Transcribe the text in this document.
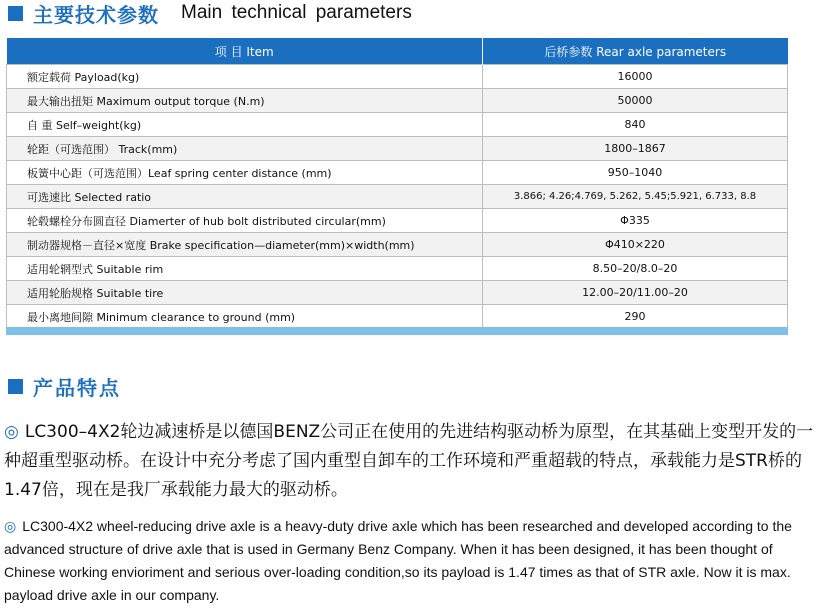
主要技术参数 Main technical parameters
项 目 Item	后桥参数 Rear axle parameters
额定载荷 Payload(kg)	16000
最大输出扭矩 Maximum output torque (N.m)	50000
自 重 Self–weight(kg)	840
轮距（可选范围） Track(mm)	1800–1867
板簧中心距（可选范围）Leaf spring center distance (mm)	950–1040
可选速比 Selected ratio	3.866; 4.26;4.769, 5.262, 5.45;5.921, 6.733, 8.8
轮毂螺栓分布圆直径 Diamerter of hub bolt distributed circular(mm)	Φ335
制动器规格－直径×宽度 Brake specification—diameter(mm)×width(mm)	Φ410×220
适用轮辋型式 Suitable rim	8.50–20/8.0–20
适用轮胎规格 Suitable tire	12.00–20/11.00–20
最小离地间隙 Minimum clearance to ground (mm)	290
产品特点

◎ LC300–4X2轮边减速桥是以德国BENZ公司正在使用的先进结构驱动桥为原型，在其基础上变型开发的一种超重型驱动桥。在设计中充分考虑了国内重型自卸车的工作环境和严重超载的特点，承载能力是STR桥的1.47倍，现在是我厂承载能力最大的驱动桥。

◎ LC300-4X2 wheel-reducing drive axle is a heavy-duty drive axle which has been researched and developed according to the advanced structure of drive axle that is used in Germany Benz Company. When it has been designed, it has been thought of Chinese working envioriment and serious over-loading condition,so its payload is 1.47 times as that of STR axle. Now it is max. payload drive axle in our company.
